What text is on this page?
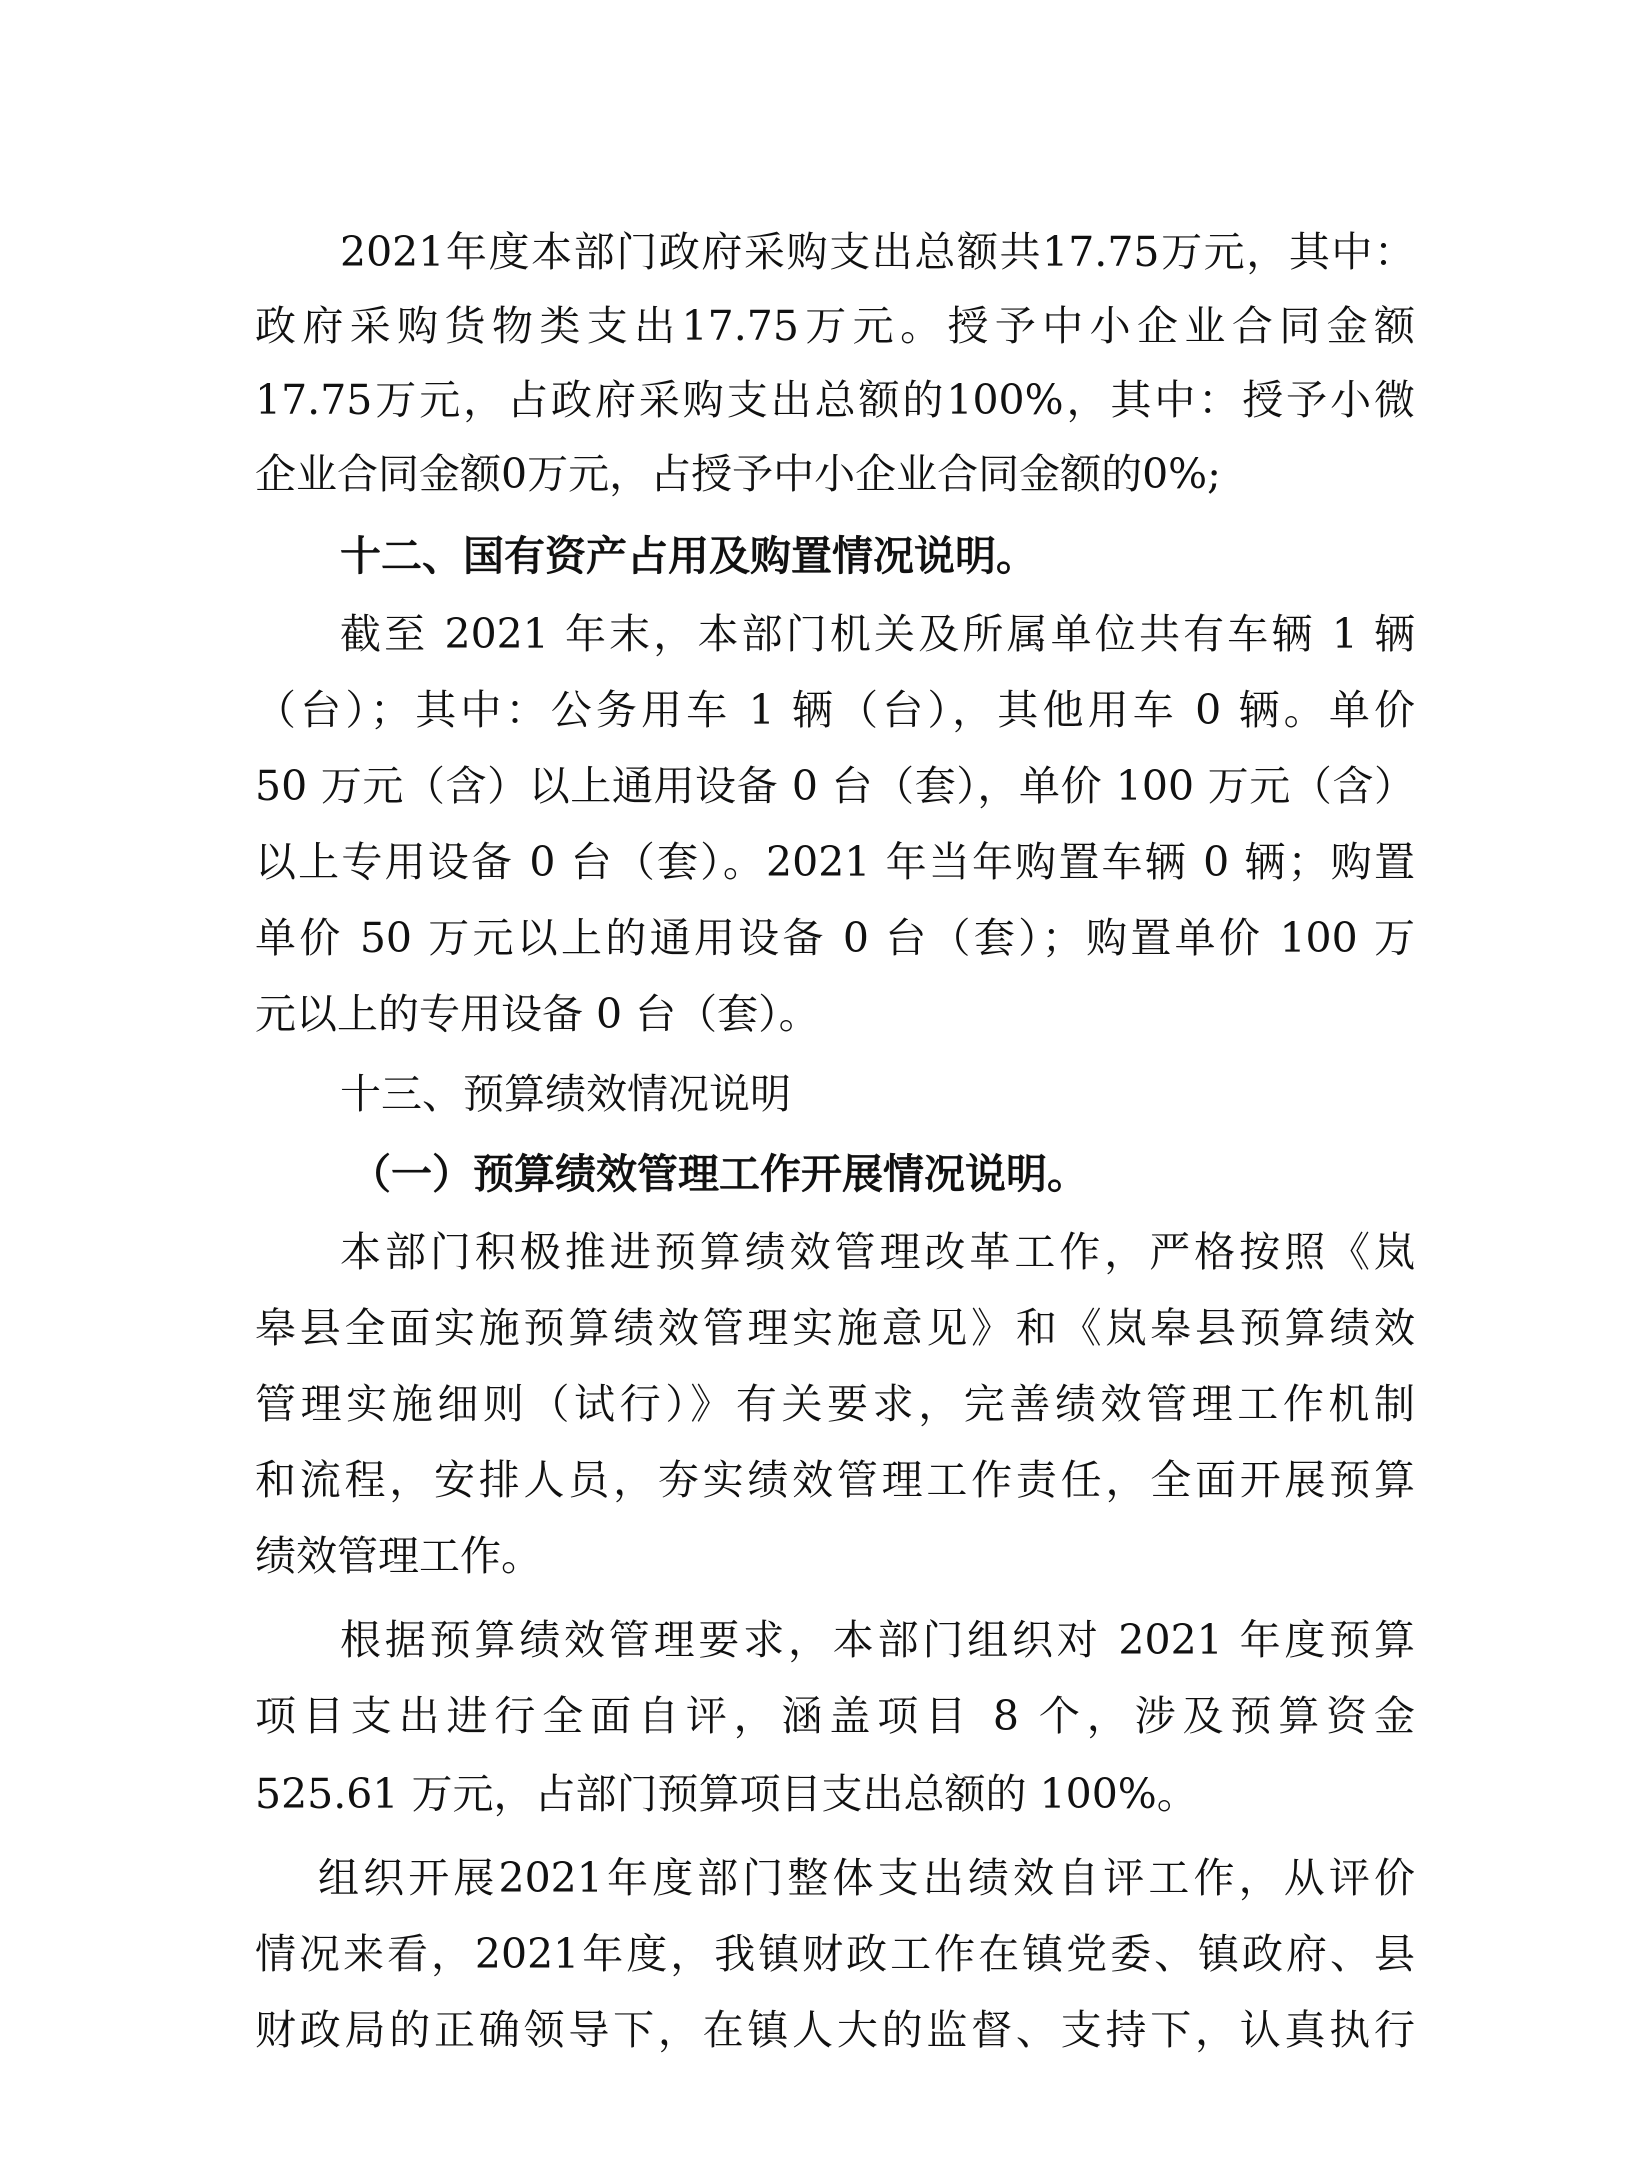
2021年度本部门政府采购支出总额共17.75万元，其中：
政府采购货物类支出17.75万元。授予中小企业合同金额
17.75万元，占政府采购支出总额的100%，其中：授予小微
企业合同金额0万元，占授予中小企业合同金额的0%;
十二、国有资产占用及购置情况说明。
截至 2021 年末，本部门机关及所属单位共有车辆 1 辆
（台）；其中：公务用车 1 辆（台），其他用车 0 辆。单价
50 万元（含）以上通用设备 0 台（套），单价 100 万元（含）
以上专用设备 0 台（套）。2021 年当年购置车辆 0 辆；购置
单价 50 万元以上的通用设备 0 台（套）；购置单价 100 万
元以上的专用设备 0 台（套）。
十三、预算绩效情况说明
（一）预算绩效管理工作开展情况说明。
本部门积极推进预算绩效管理改革工作，严格按照《岚
皋县全面实施预算绩效管理实施意见》和《岚皋县预算绩效
管理实施细则（试行）》有关要求，完善绩效管理工作机制
和流程，安排人员，夯实绩效管理工作责任，全面开展预算
绩效管理工作。
根据预算绩效管理要求，本部门组织对 2021 年度预算
项目支出进行全面自评，涵盖项目 8 个，涉及预算资金
525.61 万元，占部门预算项目支出总额的 100%。
组织开展2021年度部门整体支出绩效自评工作，从评价
情况来看，2021年度，我镇财政工作在镇党委、镇政府、县
财政局的正确领导下，在镇人大的监督、支持下，认真执行
